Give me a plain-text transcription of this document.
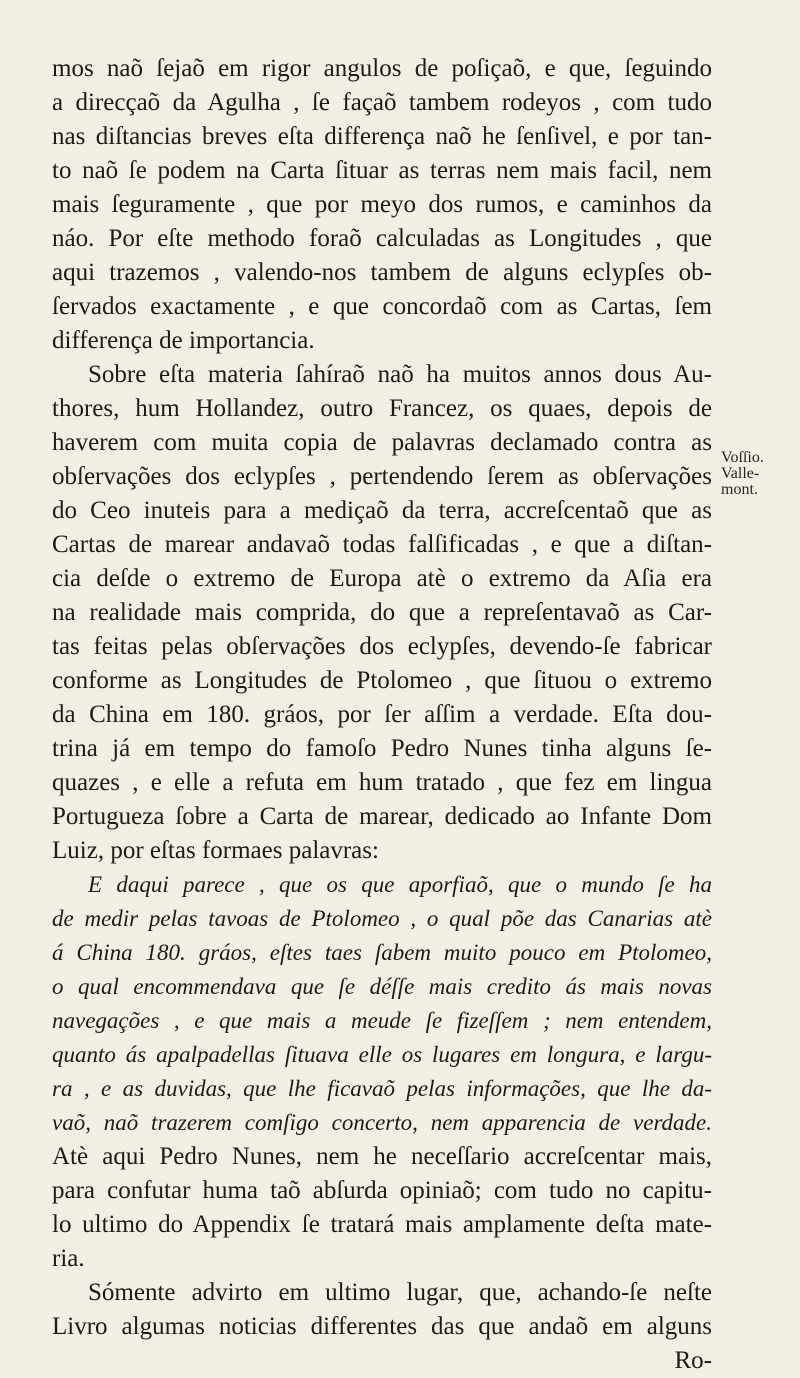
mos naõ ſejaõ em rigor angulos de poſiçaõ, e que, ſeguindo
a direcçaõ da Agulha , ſe façaõ tambem rodeyos , com tudo
nas diſtancias breves eſta differença naõ he ſenſivel, e por tan-
to naõ ſe podem na Carta ſituar as terras nem mais facil, nem
mais ſeguramente , que por meyo dos rumos, e caminhos da
náo. Por eſte methodo foraõ calculadas as Longitudes , que
aqui trazemos , valendo-nos tambem de alguns eclypſes ob-
ſervados exactamente , e que concordaõ com as Cartas, ſem
differença de importancia.
Sobre eſta materia ſahíraõ naõ ha muitos annos dous Au-
thores, hum Hollandez, outro Francez, os quaes, depois de
haverem com muita copia de palavras declamado contra as
obſervações dos eclypſes , pertendendo ſerem as obſervações
do Ceo inuteis para a mediçaõ da terra, accreſcentaõ que as
Cartas de marear andavaõ todas falſificadas , e que a diſtan-
cia deſde o extremo de Europa atè o extremo da Aſia era
na realidade mais comprida, do que a repreſentavaõ as Car-
tas feitas pelas obſervações dos eclypſes, devendo-ſe fabricar
conforme as Longitudes de Ptolomeo , que ſituou o extremo
da China em 180. gráos, por ſer aſſim a verdade. Eſta dou-
trina já em tempo do famoſo Pedro Nunes tinha alguns ſe-
quazes , e elle a refuta em hum tratado , que fez em lingua
Portugueza ſobre a Carta de marear, dedicado ao Infante Dom
Luiz, por eſtas formaes palavras:
E daqui parece , que os que aporfiaõ, que o mundo ſe ha
de medir pelas tavoas de Ptolomeo , o qual põe das Canarias atè
á China 180. gráos, eſtes taes ſabem muito pouco em Ptolomeo,
o qual encommendava que ſe déſſe mais credito ás mais novas
navegações , e que mais a meude ſe fizeſſem ; nem entendem,
quanto ás apalpadellas ſituava elle os lugares em longura, e largu-
ra , e as duvidas, que lhe ficavaõ pelas informações, que lhe da-
vaõ, naõ trazerem comſigo concerto, nem apparencia de verdade.
Atè aqui Pedro Nunes, nem he neceſſario accreſcentar mais,
para confutar huma taõ abſurda opiniaõ; com tudo no capitu-
lo ultimo do Appendix ſe tratará mais amplamente deſta mate-
ria.
Sómente advirto em ultimo lugar, que, achando-ſe neſte
Livro algumas noticias differentes das que andaõ em alguns
Ro-
Voſſio.
Valle-
mont.
